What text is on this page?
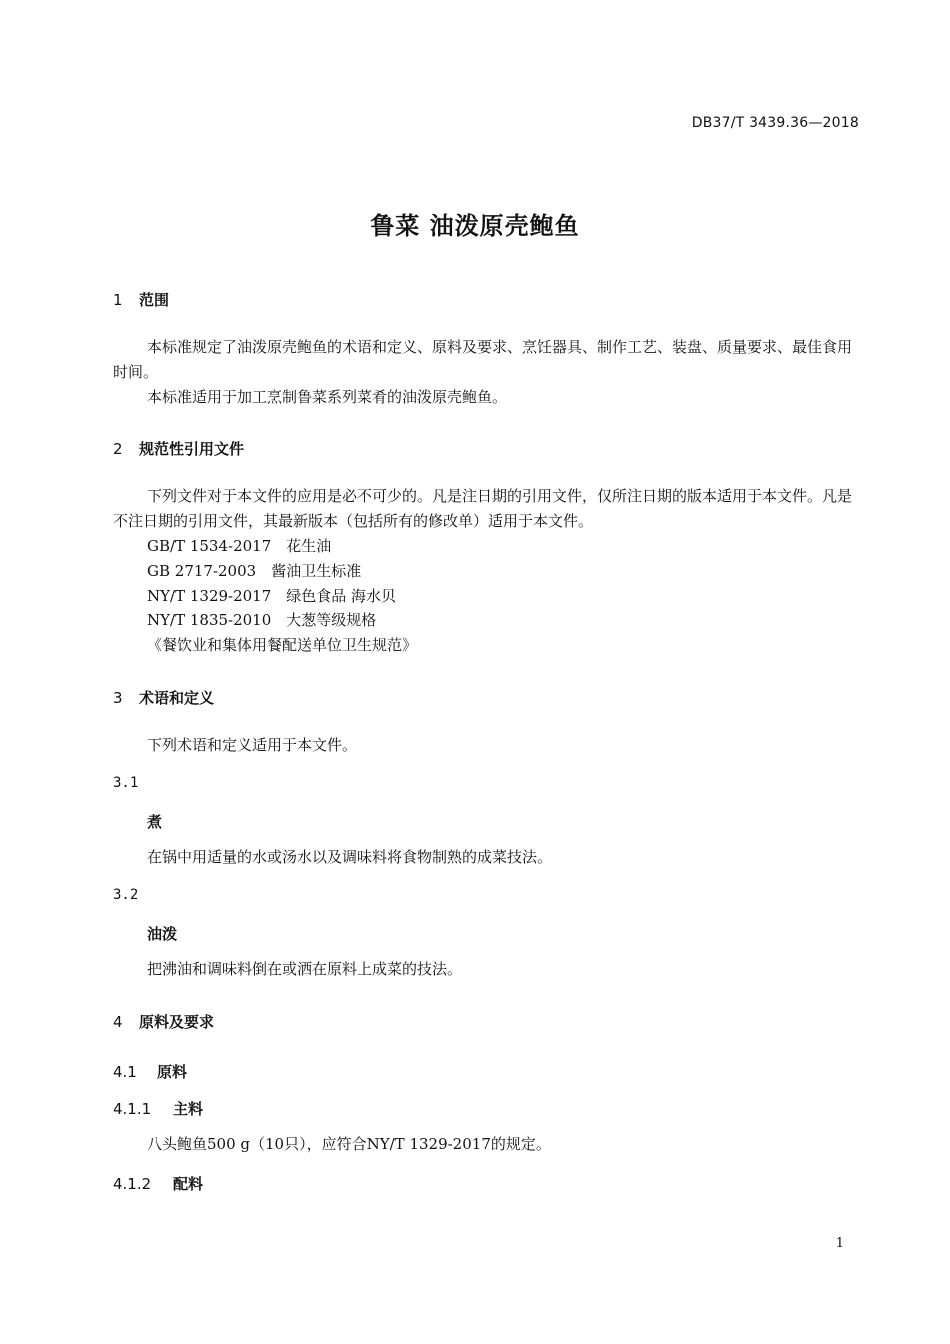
DB37/T 3439.36—2018
鲁菜 油泼原壳鲍鱼
1 范围
本标准规定了油泼原壳鲍鱼的术语和定义、原料及要求、烹饪器具、制作工艺、装盘、质量要求、最佳食用时间。
本标准适用于加工烹制鲁菜系列菜肴的油泼原壳鲍鱼。
2 规范性引用文件
下列文件对于本文件的应用是必不可少的。凡是注日期的引用文件，仅所注日期的版本适用于本文件。凡是不注日期的引用文件，其最新版本（包括所有的修改单）适用于本文件。
GB/T 1534-2017　花生油
GB 2717-2003　酱油卫生标准
NY/T 1329-2017　绿色食品 海水贝
NY/T 1835-2010　大葱等级规格
《餐饮业和集体用餐配送单位卫生规范》
3 术语和定义
下列术语和定义适用于本文件。
3.1
煮
在锅中用适量的水或汤水以及调味料将食物制熟的成菜技法。
3.2
油泼
把沸油和调味料倒在或洒在原料上成菜的技法。
4 原料及要求
4.1 原料
4.1.1 主料
八头鲍鱼500 g（10只），应符合NY/T 1329-2017的规定。
4.1.2 配料
1
